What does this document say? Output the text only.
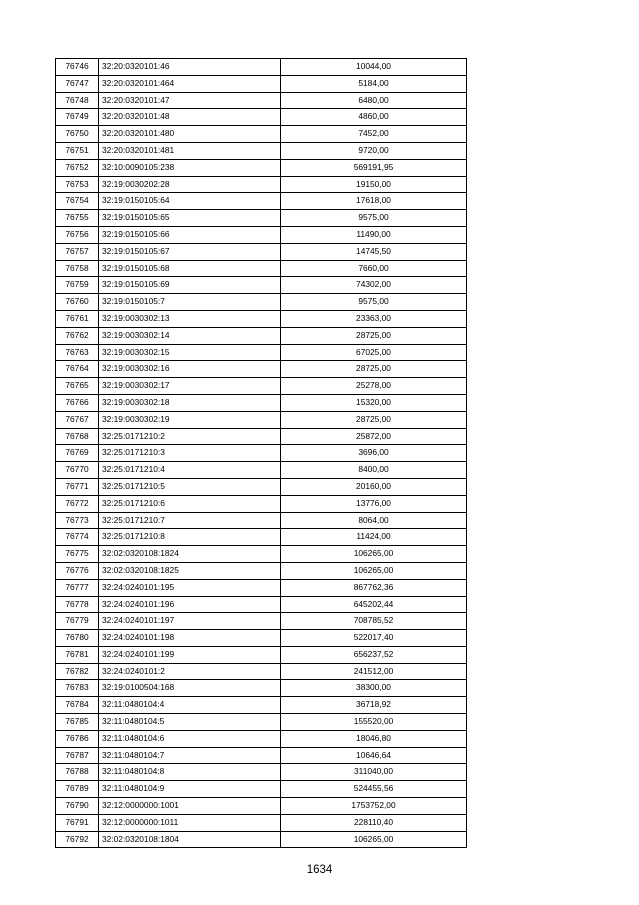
76746	32:20:0320101:46	10044,00
76747	32:20:0320101:464	5184,00
76748	32:20:0320101:47	6480,00
76749	32:20:0320101:48	4860,00
76750	32:20:0320101:480	7452,00
76751	32:20:0320101:481	9720,00
76752	32:10:0090105:238	569191,95
76753	32:19:0030202:28	19150,00
76754	32:19:0150105:64	17618,00
76755	32:19:0150105:65	9575,00
76756	32:19:0150105:66	11490,00
76757	32:19:0150105:67	14745,50
76758	32:19:0150105:68	7660,00
76759	32:19:0150105:69	74302,00
76760	32:19:0150105:7	9575,00
76761	32:19:0030302:13	23363,00
76762	32:19:0030302:14	28725,00
76763	32:19:0030302:15	67025,00
76764	32:19:0030302:16	28725,00
76765	32:19:0030302:17	25278,00
76766	32:19:0030302:18	15320,00
76767	32:19:0030302:19	28725,00
76768	32:25:0171210:2	25872,00
76769	32:25:0171210:3	3696,00
76770	32:25:0171210:4	8400,00
76771	32:25:0171210:5	20160,00
76772	32:25:0171210:6	13776,00
76773	32:25:0171210:7	8064,00
76774	32:25:0171210:8	11424,00
76775	32:02:0320108:1824	106265,00
76776	32:02:0320108:1825	106265,00
76777	32:24:0240101:195	867762,36
76778	32:24:0240101:196	645202,44
76779	32:24:0240101:197	708785,52
76780	32:24:0240101:198	522017,40
76781	32:24:0240101:199	656237,52
76782	32:24:0240101:2	241512,00
76783	32:19:0100504:168	38300,00
76784	32:11:0480104:4	36718,92
76785	32:11:0480104:5	155520,00
76786	32:11:0480104:6	18046,80
76787	32:11:0480104:7	10646,64
76788	32:11:0480104:8	311040,00
76789	32:11:0480104:9	524455,56
76790	32:12:0000000:1001	1753752,00
76791	32:12:0000000:1011	228110,40
76792	32:02:0320108:1804	106265,00
1634
